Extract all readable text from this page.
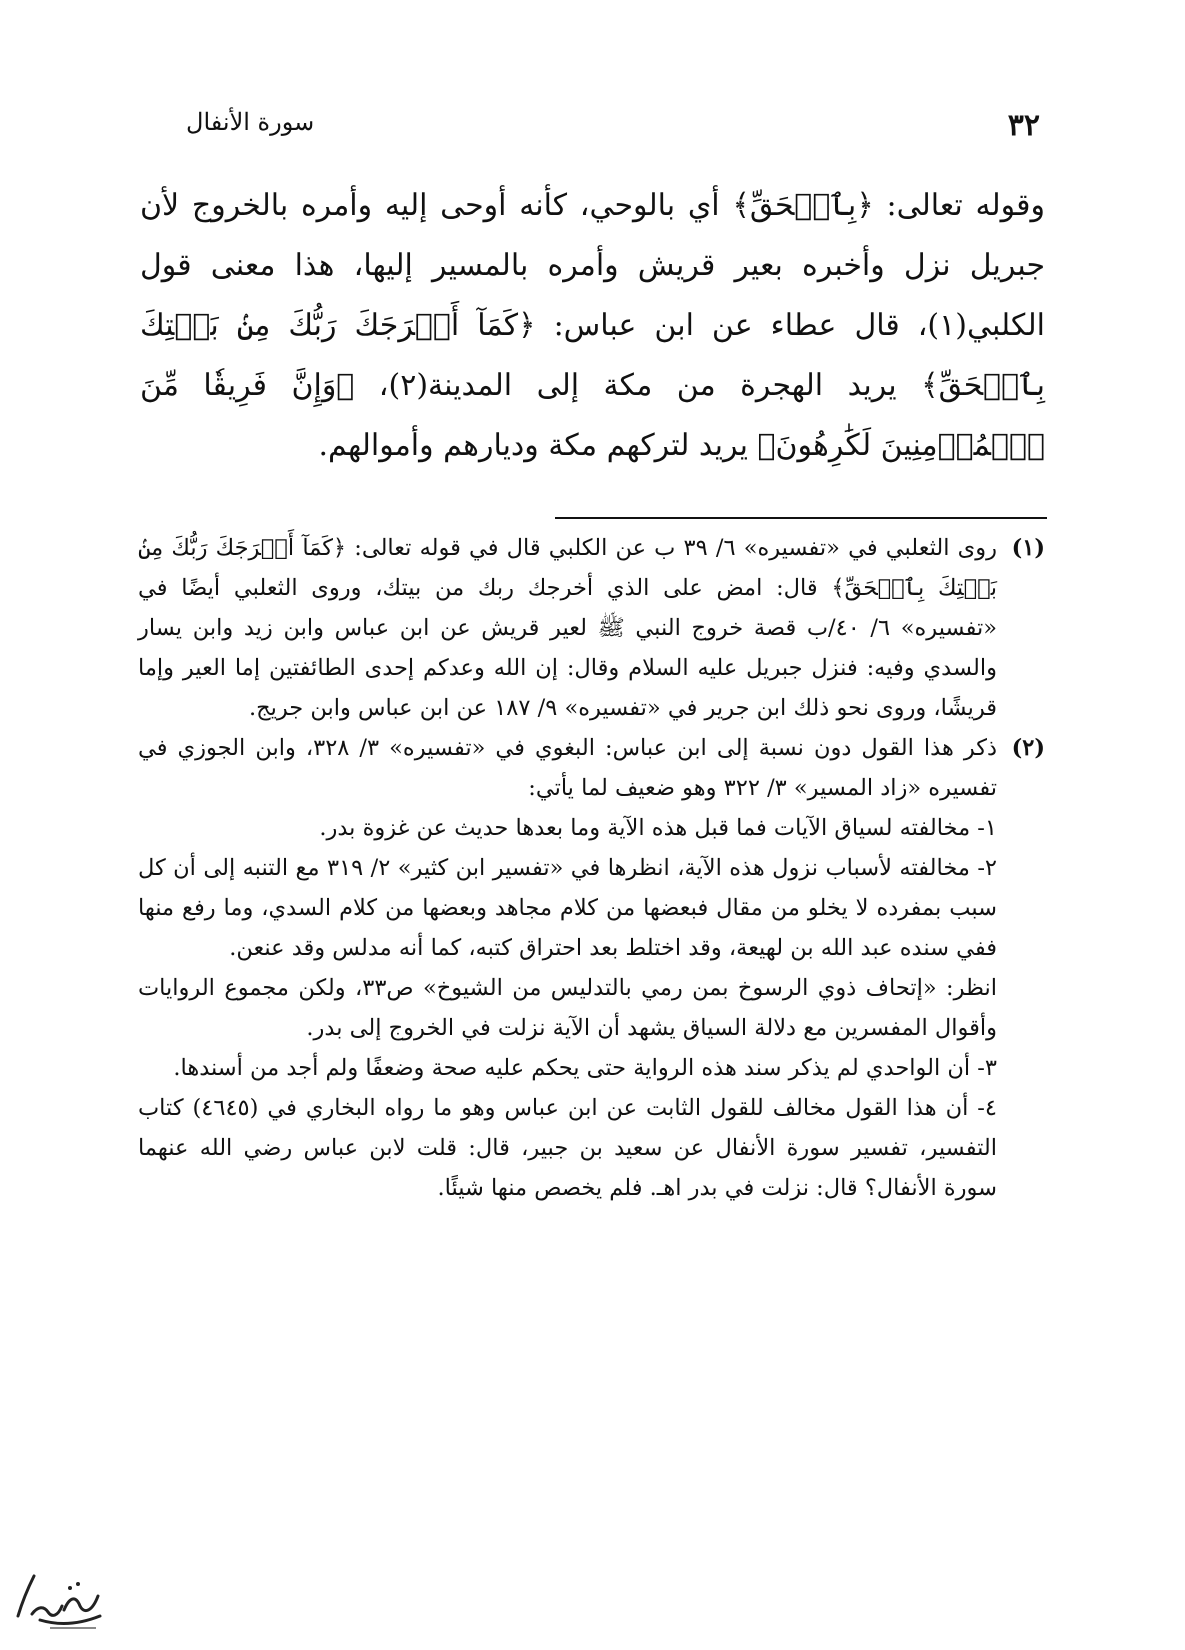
٣٢
سورة الأنفال

وقوله تعالى: ﴿بِٱلۡحَقِّ﴾ أي بالوحي، كأنه أوحى إليه وأمره بالخروج لأن جبريل نزل وأخبره بعير قريش وأمره بالمسير إليها، هذا معنى قول الكلبي(١)، قال عطاء عن ابن عباس: ﴿كَمَآ أَخۡرَجَكَ رَبُّكَ مِنۢ بَيۡتِكَ بِٱلۡحَقِّ﴾ يريد الهجرة من مكة إلى المدينة(٢)، ﴿وَإِنَّ فَرِيقٗا مِّنَ ٱلۡمُؤۡمِنِينَ لَكَٰرِهُونَ﴾ يريد لتركهم مكة وديارهم وأموالهم.

(١)

روى الثعلبي في «تفسيره» ٦/ ٣٩ ب عن الكلبي قال في قوله تعالى: ﴿كَمَآ أَخۡرَجَكَ رَبُّكَ مِنۢ بَيۡتِكَ بِٱلۡحَقِّ﴾ قال: امض على الذي أخرجك ربك من بيتك، وروى الثعلبي أيضًا في «تفسيره» ٦/ ٤٠/ب قصة خروج النبي ﷺ لعير قريش عن ابن عباس وابن زيد وابن يسار والسدي وفيه: فنزل جبريل عليه السلام وقال: إن الله وعدكم إحدى الطائفتين إما العير وإما قريشًا، وروى نحو ذلك ابن جرير في «تفسيره» ٩/ ١٨٧ عن ابن عباس وابن جريج.

(٢)

ذكر هذا القول دون نسبة إلى ابن عباس: البغوي في «تفسيره» ٣/ ٣٢٨، وابن الجوزي في تفسيره «زاد المسير» ٣/ ٣٢٢ وهو ضعيف لما يأتي:

١- مخالفته لسياق الآيات فما قبل هذه الآية وما بعدها حديث عن غزوة بدر.

٢- مخالفته لأسباب نزول هذه الآية، انظرها في «تفسير ابن كثير» ٢/ ٣١٩ مع التنبه إلى أن كل سبب بمفرده لا يخلو من مقال فبعضها من كلام مجاهد وبعضها من كلام السدي، وما رفع منها ففي سنده عبد الله بن لهيعة، وقد اختلط بعد احتراق كتبه، كما أنه مدلس وقد عنعن.

انظر: «إتحاف ذوي الرسوخ بمن رمي بالتدليس من الشيوخ» ص٣٣، ولكن مجموع الروايات وأقوال المفسرين مع دلالة السياق يشهد أن الآية نزلت في الخروج إلى بدر.

٣- أن الواحدي لم يذكر سند هذه الرواية حتى يحكم عليه صحة وضعفًا ولم أجد من أسندها.

٤- أن هذا القول مخالف للقول الثابت عن ابن عباس وهو ما رواه البخاري في (٤٦٤٥) كتاب التفسير، تفسير سورة الأنفال عن سعيد بن جبير، قال: قلت لابن عباس رضي الله عنهما سورة الأنفال؟ قال: نزلت في بدر اهـ. فلم يخصص منها شيئًا.
